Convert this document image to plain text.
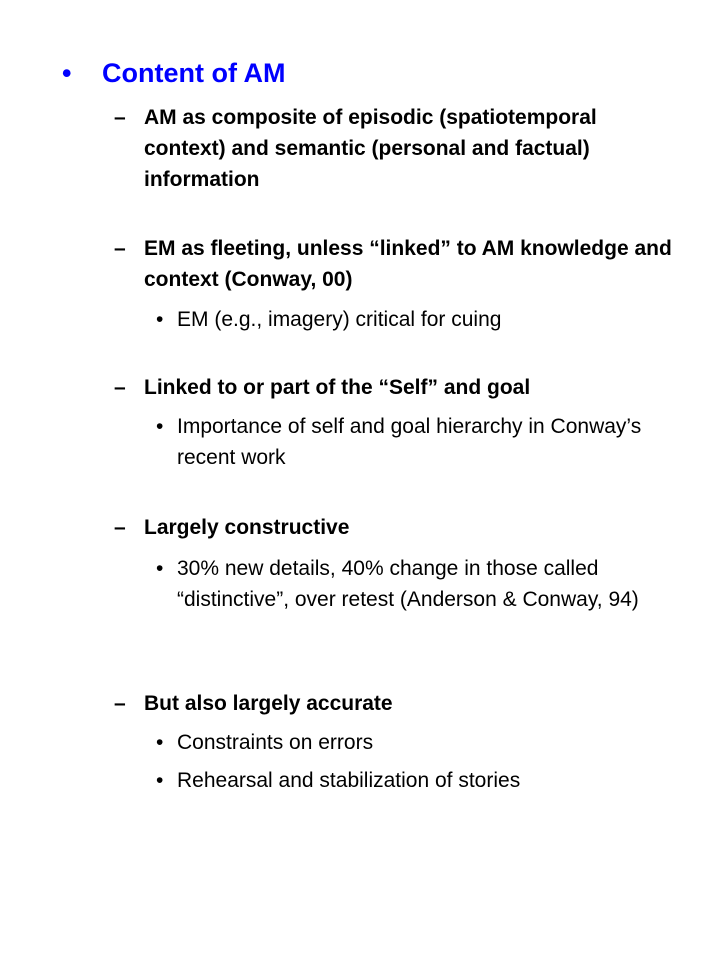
• Content of AM
– AM as composite of episodic (spatiotemporal context) and semantic (personal and factual) information
– EM as fleeting, unless “linked” to AM knowledge and context (Conway, 00)
• EM (e.g., imagery) critical for cuing
– Linked to or part of the “Self” and goal
• Importance of self and goal hierarchy in Conway’s recent work
– Largely constructive
• 30% new details, 40% change in those called “distinctive”, over retest (Anderson & Conway, 94)
– But also largely accurate
• Constraints on errors
• Rehearsal and stabilization of stories
